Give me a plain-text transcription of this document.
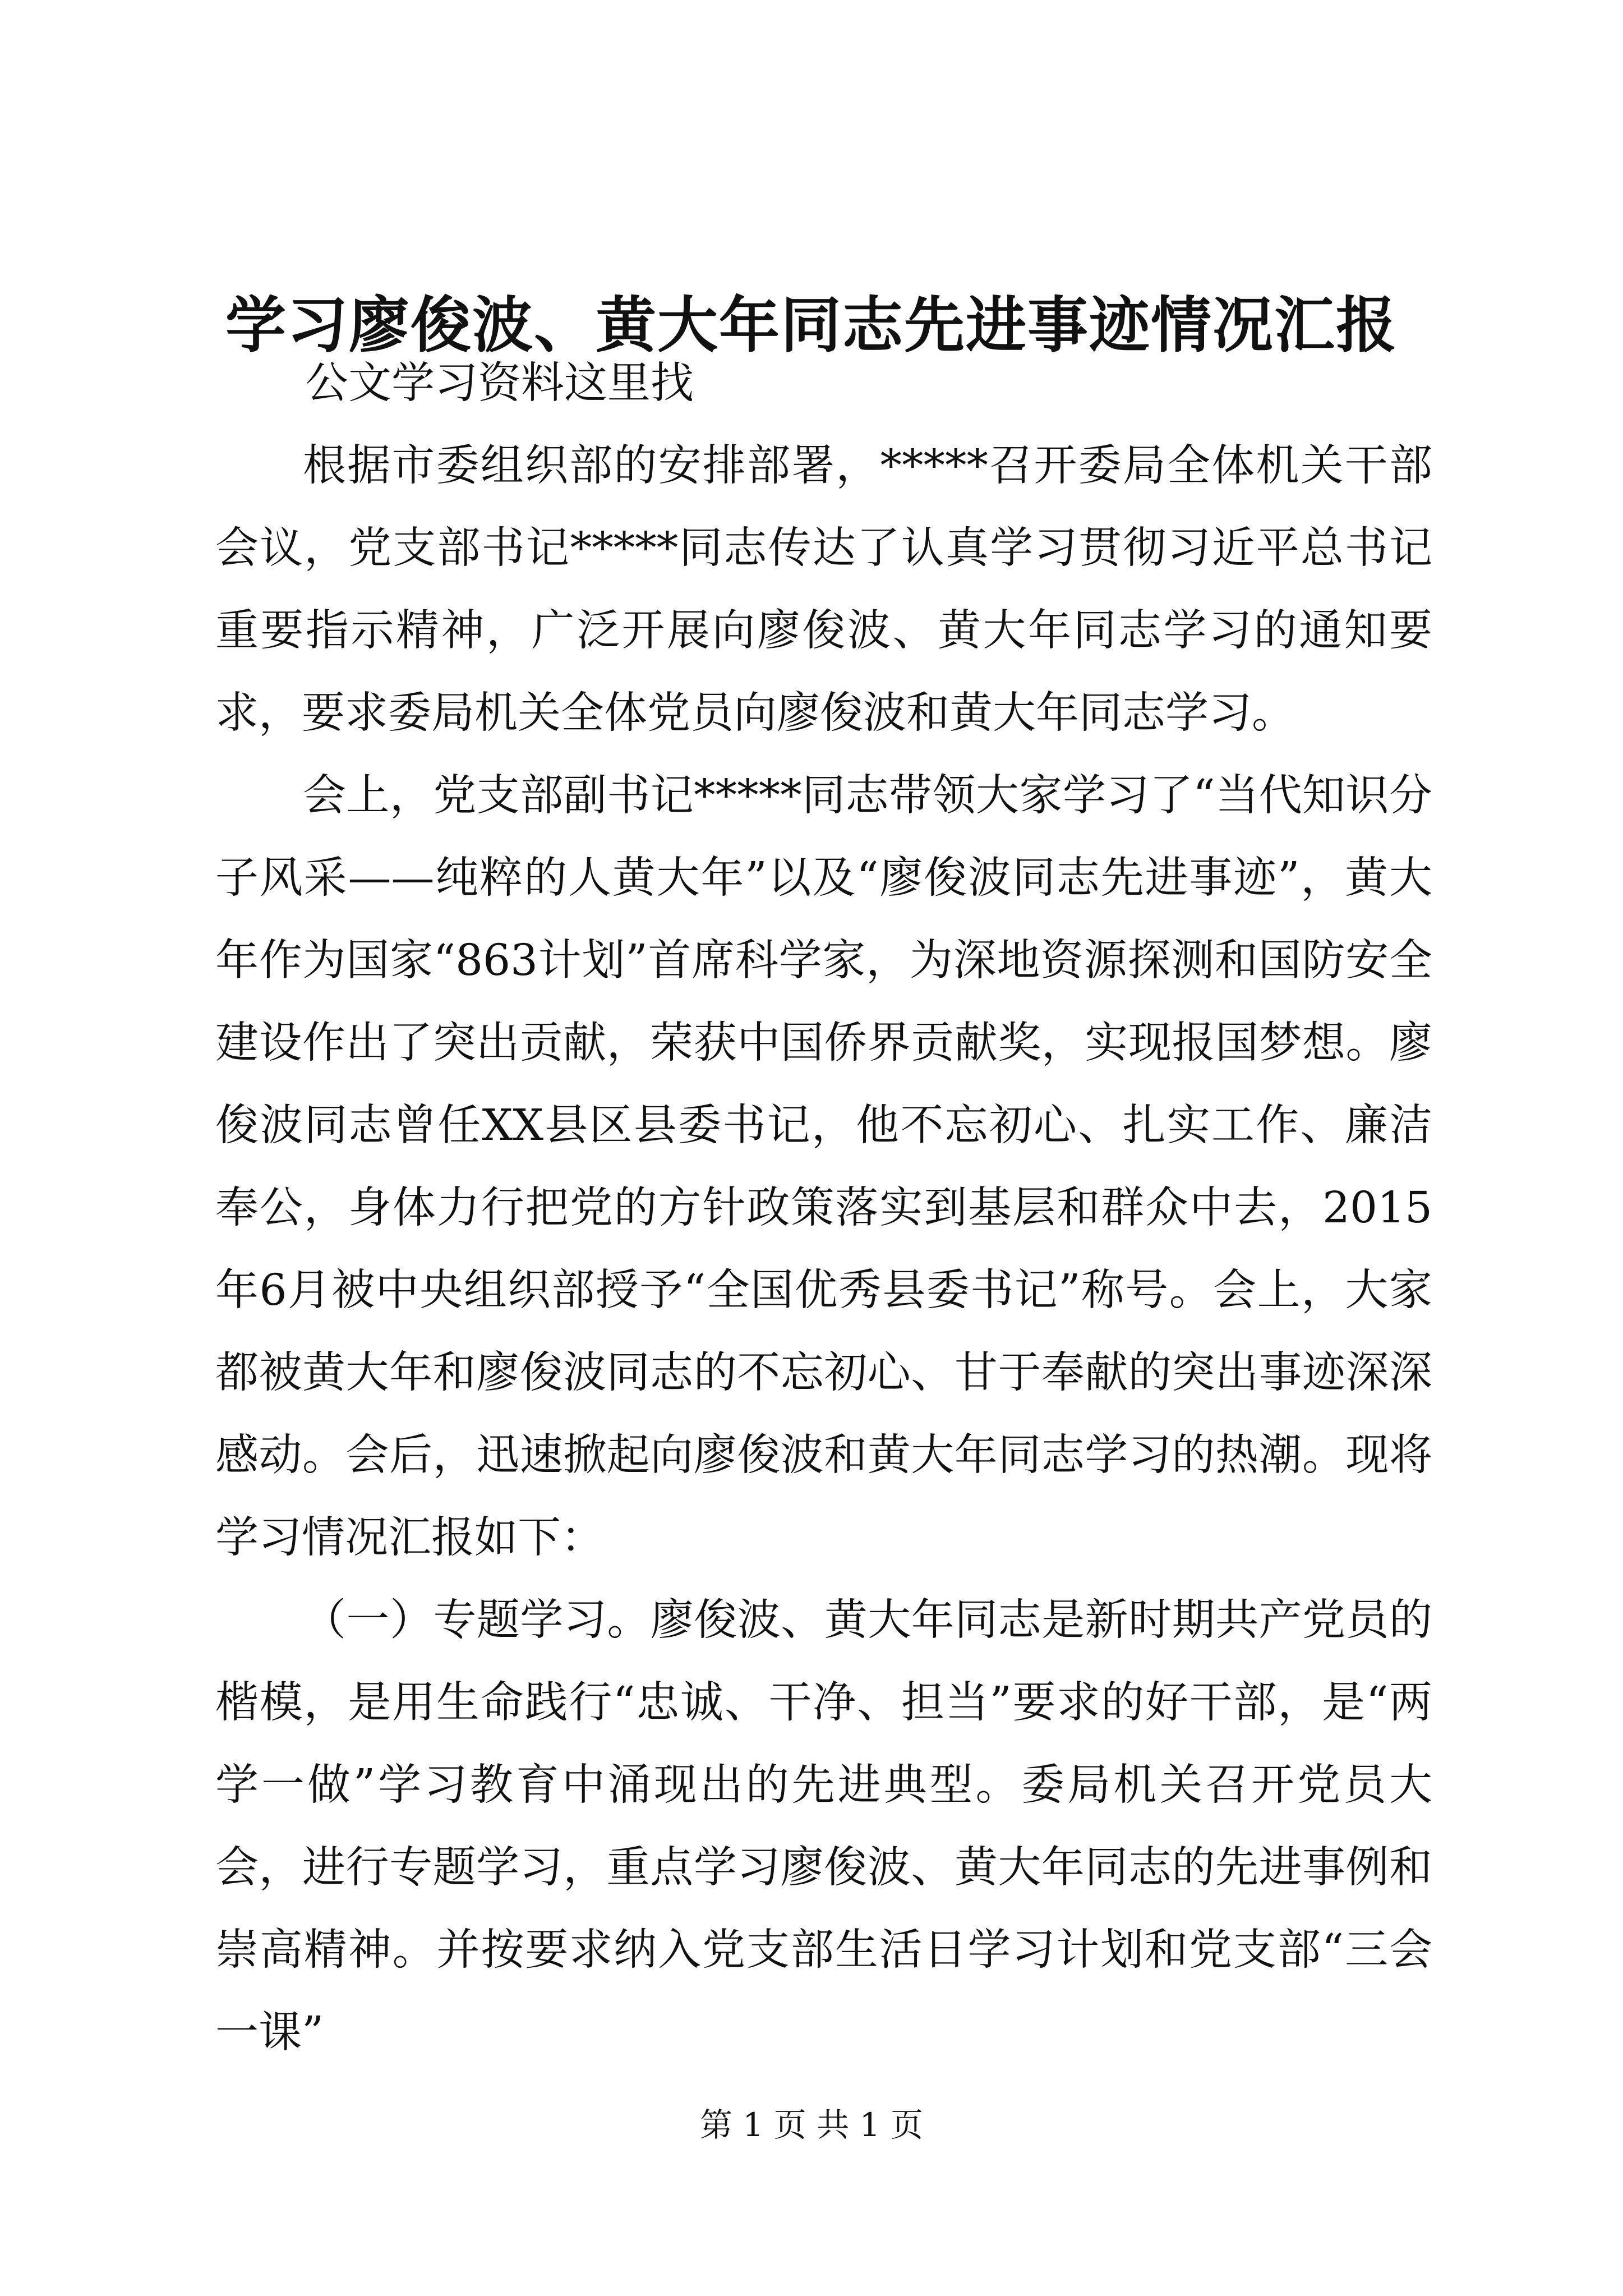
学习廖俊波、黄大年同志先进事迹情况汇报

公文学习资料这里找

根据市委组织部的安排部署，*****召开委局全体机关干部会议，党支部书记*****同志传达了认真学习贯彻习近平总书记重要指示精神，广泛开展向廖俊波、黄大年同志学习的通知要求，要求委局机关全体党员向廖俊波和黄大年同志学习。

会上，党支部副书记*****同志带领大家学习了“当代知识分子风采——纯粹的人黄大年”以及“廖俊波同志先进事迹”，黄大年作为国家“863计划”首席科学家，为深地资源探测和国防安全建设作出了突出贡献，荣获中国侨界贡献奖，实现报国梦想。廖俊波同志曾任XX县区县委书记，他不忘初心、扎实工作、廉洁奉公，身体力行把党的方针政策落实到基层和群众中去，2015年6月被中央组织部授予“全国优秀县委书记”称号。会上，大家都被黄大年和廖俊波同志的不忘初心、甘于奉献的突出事迹深深感动。会后，迅速掀起向廖俊波和黄大年同志学习的热潮。现将学习情况汇报如下：

（一）专题学习。廖俊波、黄大年同志是新时期共产党员的楷模，是用生命践行“忠诚、干净、担当”要求的好干部，是“两学一做”学习教育中涌现出的先进典型。委局机关召开党员大会，进行专题学习，重点学习廖俊波、黄大年同志的先进事例和崇高精神。并按要求纳入党支部生活日学习计划和党支部“三会一课”

第 1 页 共 1 页
